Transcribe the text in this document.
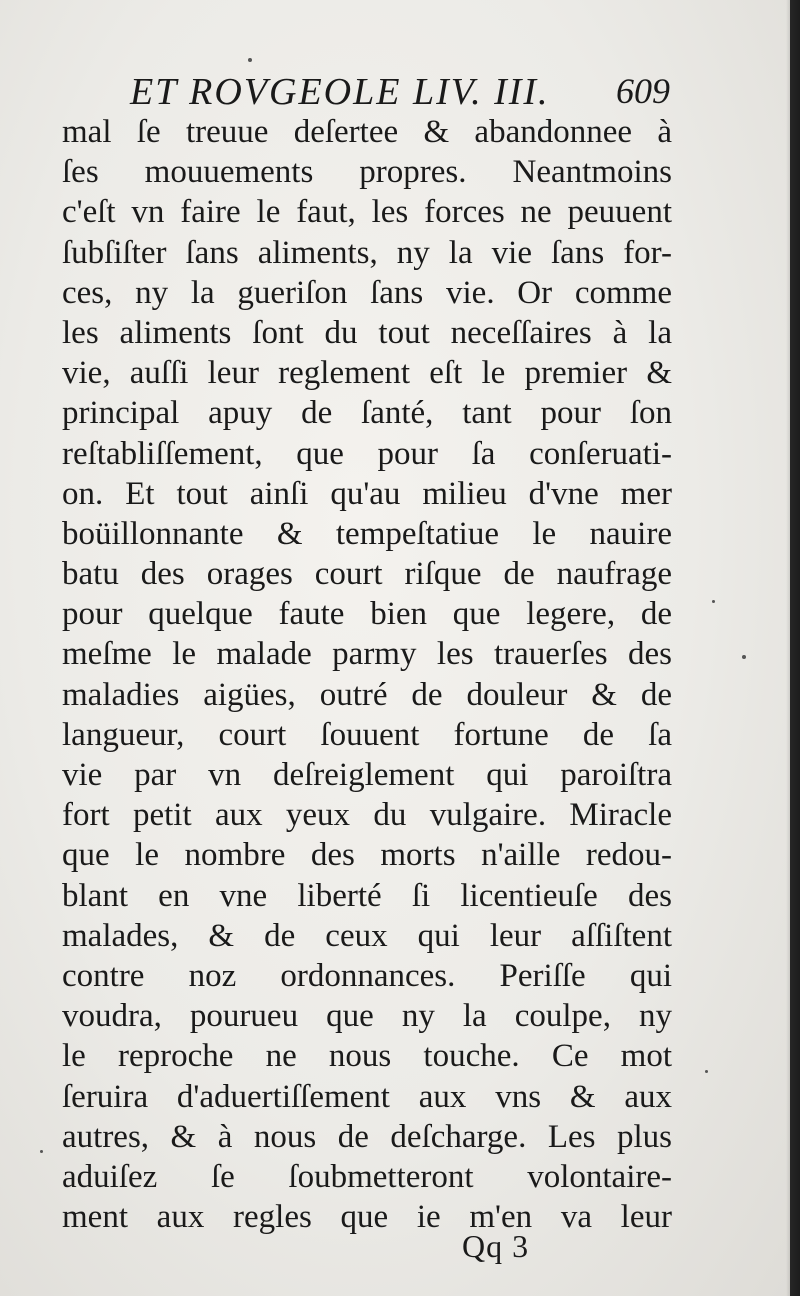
ET ROVGEOLE LIV. III. 609
mal ſe treuue deſertee & abandonnee à
ſes mouuements propres. Neantmoins
c'eſt vn faire le faut, les forces ne peuuent
ſubſiſter ſans aliments, ny la vie ſans for-
ces, ny la gueriſon ſans vie. Or comme
les aliments ſont du tout neceſſaires à la
vie, auſſi leur reglement eſt le premier &
principal apuy de ſanté, tant pour ſon
reſtabliſſement, que pour ſa conſeruati-
on. Et tout ainſi qu'au milieu d'vne mer
boüillonnante & tempeſtatiue le nauire
batu des orages court riſque de naufrage
pour quelque faute bien que legere, de
meſme le malade parmy les trauerſes des
maladies aigües, outré de douleur & de
langueur, court ſouuent fortune de ſa
vie par vn deſreiglement qui paroiſtra
fort petit aux yeux du vulgaire. Miracle
que le nombre des morts n'aille redou-
blant en vne liberté ſi licentieuſe des
malades, & de ceux qui leur aſſiſtent
contre noz ordonnances. Periſſe qui
voudra, pourueu que ny la coulpe, ny
le reproche ne nous touche. Ce mot
ſeruira d'aduertiſſement aux vns & aux
autres, & à nous de deſcharge. Les plus
aduiſez ſe ſoubmetteront volontaire-
ment aux regles que ie m'en va leur
Qq 3
